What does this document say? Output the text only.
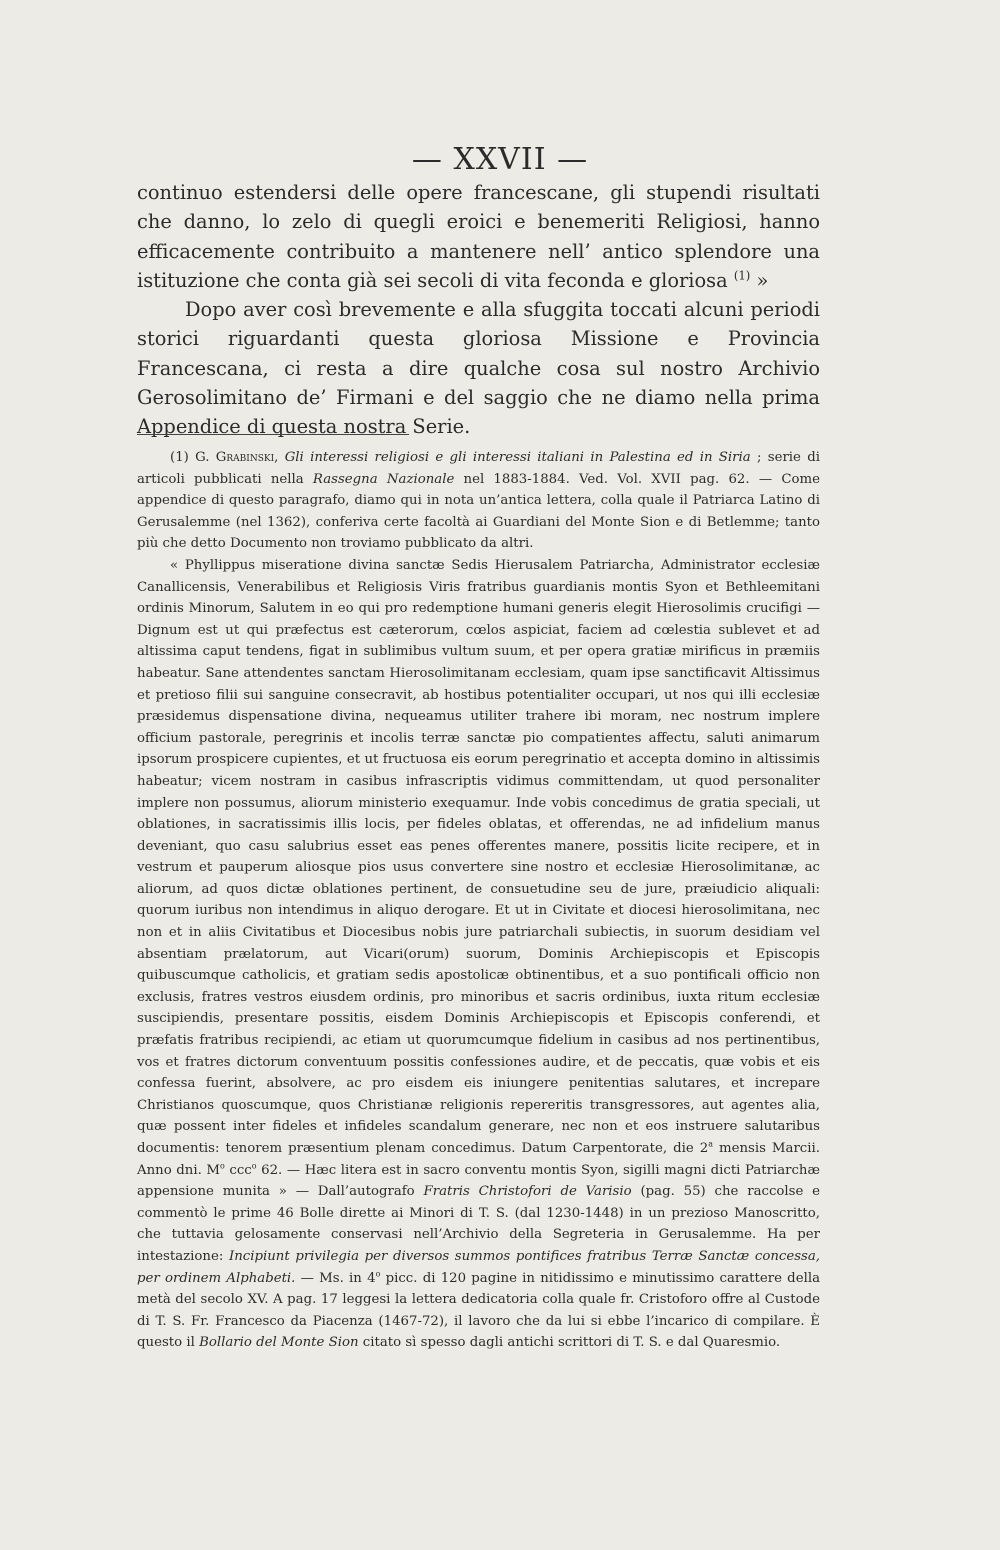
— XXVII —

continuo estendersi delle opere francescane, gli stupendi risultati che danno, lo zelo di quegli eroici e benemeriti Religiosi, hanno efficacemente contribuito a mantenere nell’ antico splendore una istituzione che conta già sei secoli di vita feconda e gloriosa $^{(1)}$ »

Dopo aver così brevemente e alla sfuggita toccati alcuni periodi storici riguardanti questa gloriosa Missione e Provincia Francescana, ci resta a dire qualche cosa sul nostro Archivio Gerosolimitano de’ Firmani e del saggio che ne diamo nella prima Appendice di questa nostra Serie.

(1) G. Grabinski, Gli interessi religiosi e gli interessi italiani in Palestina ed in Siria ; serie di articoli pubblicati nella Rassegna Nazionale nel 1883-1884. Ved. Vol. XVII pag. 62. — Come appendice di questo paragrafo, diamo qui in nota un’antica lettera, colla quale il Patriarca Latino di Gerusalemme (nel 1362), conferiva certe facoltà ai Guardiani del Monte Sion e di Betlemme; tanto più che detto Documento non troviamo pubblicato da altri.

« Phyllippus miseratione divina sanctæ Sedis Hierusalem Patriarcha, Administrator ecclesiæ Canallicensis, Venerabilibus et Religiosis Viris fratribus guardianis montis Syon et Bethleemitani ordinis Minorum, Salutem in eo qui pro redemptione humani generis elegit Hierosolimis crucifigi — Dignum est ut qui præfectus est cæterorum, cœlos aspiciat, faciem ad cœlestia sublevet et ad altissima caput tendens, figat in sublimibus vultum suum, et per opera gratiæ mirificus in præmiis habeatur. Sane attendentes sanctam Hierosolimitanam ecclesiam, quam ipse sanctificavit Altissimus et pretioso filii sui sanguine consecravit, ab hostibus potentialiter occupari, ut nos qui illi ecclesiæ præsidemus dispensatione divina, nequeamus utiliter trahere ibi moram, nec nostrum implere officium pastorale, peregrinis et incolis terræ sanctæ pio compatientes affectu, saluti animarum ipsorum prospicere cupientes, et ut fructuosa eis eorum peregrinatio et accepta domino in altissimis habeatur; vicem nostram in casibus infrascriptis vidimus committendam, ut quod personaliter implere non possumus, aliorum ministerio exequamur. Inde vobis concedimus de gratia speciali, ut oblationes, in sacratissimis illis locis, per fideles oblatas, et offerendas, ne ad infidelium manus deveniant, quo casu salubrius esset eas penes offerentes manere, possitis licite recipere, et in vestrum et pauperum aliosque pios usus convertere sine nostro et ecclesiæ Hierosolimitanæ, ac aliorum, ad quos dictæ oblationes pertinent, de consuetudine seu de jure, præiudicio aliquali: quorum iuribus non intendimus in aliquo derogare. Et ut in Civitate et diocesi hierosolimitana, nec non et in aliis Civitatibus et Diocesibus nobis jure patriarchali subiectis, in suorum desidiam vel absentiam prælatorum, aut Vicari(orum) suorum, Dominis Archiepiscopis et Episcopis quibuscumque catholicis, et gratiam sedis apostolicæ obtinentibus, et a suo pontificali officio non exclusis, fratres vestros eiusdem ordinis, pro minoribus et sacris ordinibus, iuxta ritum ecclesiæ suscipiendis, presentare possitis, eisdem Dominis Archiepiscopis et Episcopis conferendi, et præfatis fratribus recipiendi, ac etiam ut quorumcumque fidelium in casibus ad nos pertinentibus, vos et fratres dictorum conventuum possitis confessiones audire, et de peccatis, quæ vobis et eis confessa fuerint, absolvere, ac pro eisdem eis iniungere penitentias salutares, et increpare Christianos quoscumque, quos Christianæ religionis repereritis transgressores, aut agentes alia, quæ possent inter fideles et infideles scandalum generare, nec non et eos instruere salutaribus documentis: tenorem præsentium plenam concedimus. Datum Carpentorate, die 2$^a$ mensis Marcii. Anno dni. $M^o$ ccc$^o$ 62. — Hæc litera est in sacro conventu montis Syon, sigilli magni dicti Patriarchæ appensione munita » — Dall’autografo Fratris Christofori de Varisio (pag. 55) che raccolse e commentò le prime 46 Bolle dirette ai Minori di T. S. (dal 1230-1448) in un prezioso Manoscritto, che tuttavia gelosamente conservasi nell’Archivio della Segreteria in Gerusalemme. Ha per intestazione: Incipiunt privilegia per diversos summos pontifices fratribus Terræ Sanctæ concessa, per ordinem Alphabeti. — Ms. in 4$^o$ picc. di 120 pagine in nitidissimo e minutissimo carattere della metà del secolo XV. A pag. 17 leggesi la lettera dedicatoria colla quale fr. Cristoforo offre al Custode di T. S. Fr. Francesco da Piacenza (1467-72), il lavoro che da lui si ebbe l’incarico di compilare. È questo il Bollario del Monte Sion citato sì spesso dagli antichi scrittori di T. S. e dal Quaresmio.
